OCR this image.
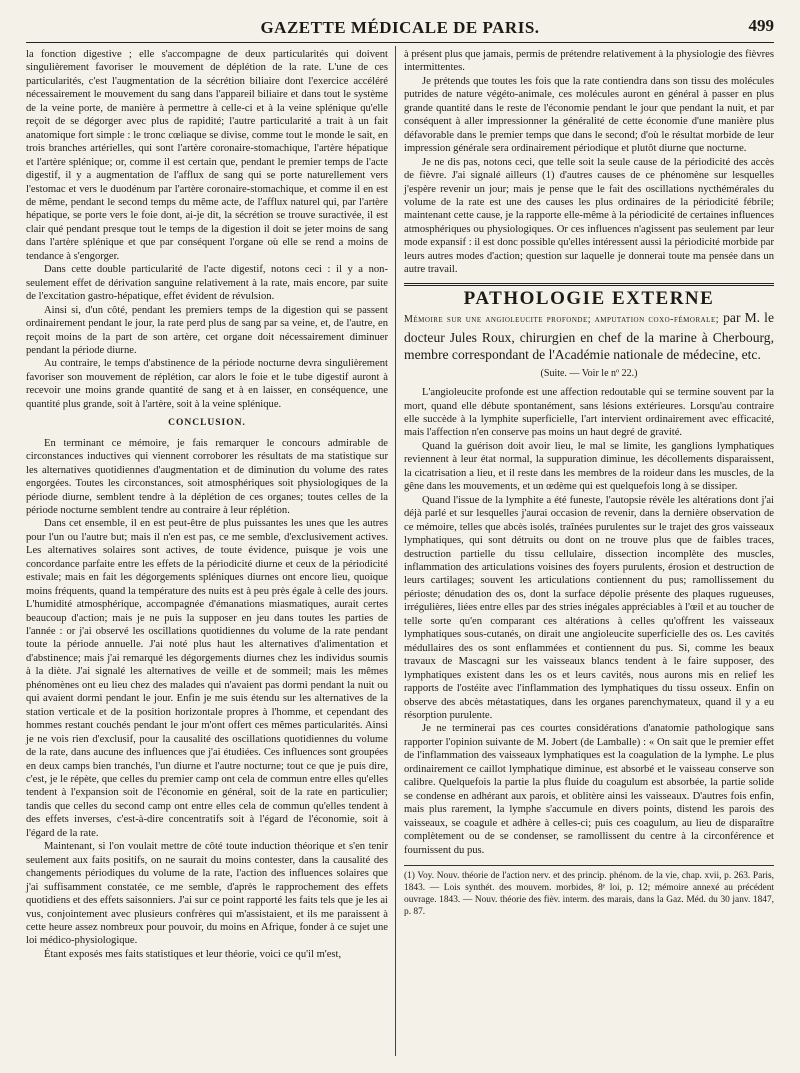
GAZETTE MÉDICALE DE PARIS.	499

la fonction digestive ; elle s'accompagne de deux particularités qui doivent singulièrement favoriser le mouvement de déplétion de la rate. L'une de ces particularités, c'est l'augmentation de la sécrétion biliaire dont l'exercice accéléré nécessairement le mouvement du sang dans l'appareil biliaire et dans tout le système de la veine porte, de manière à permettre à celle-ci et à la veine splénique qu'elle reçoit de se dégorger avec plus de rapidité; l'autre particularité a trait à un fait anatomique fort simple : le tronc cœliaque se divise, comme tout le monde le sait, en trois branches artérielles, qui sont l'artère coronaire-stomachique, l'artère hépatique et l'artère splénique; or, comme il est certain que, pendant le premier temps de l'acte digestif, il y a augmentation de l'afflux de sang qui se porte naturellement vers l'estomac et vers le duodénum par l'artère coronaire-stomachique, et comme il en est de même, pendant le second temps du même acte, de l'afflux naturel qui, par l'artère hépatique, se porte vers le foie dont, ai-je dit, la sécrétion se trouve suractivée, il est clair qué pendant presque tout le temps de la digestion il doit se jeter moins de sang dans l'artère splénique et que par conséquent l'organe où elle se rend a moins de tendance à s'engorger.

Dans cette double particularité de l'acte digestif, notons ceci : il y a non-seulement effet de dérivation sanguine relativement à la rate, mais encore, par suite de l'excitation gastro-hépatique, effet évident de révulsion.

Ainsi si, d'un côté, pendant les premiers temps de la digestion qui se passent ordinairement pendant le jour, la rate perd plus de sang par sa veine, et, de l'autre, en reçoit moins de la part de son artère, cet organe doit nécessairement diminuer pendant la période diurne.

Au contraire, le temps d'abstinence de la période nocturne devra singulièrement favoriser son mouvement de réplétion, car alors le foie et le tube digestif auront à recevoir une moins grande quantité de sang et à en laisser, en conséquence, une quantité plus grande, soit à l'artère, soit à la veine splénique.

CONCLUSION.

En terminant ce mémoire, je fais remarquer le concours admirable de circonstances inductives qui viennent corroborer les résultats de ma statistique sur les alternatives quotidiennes d'augmentation et de diminution du volume des rates engorgées. Toutes les circonstances, soit atmosphériques soit physiologiques de la période diurne, semblent tendre à la déplétion de ces organes; toutes celles de la période nocturne semblent tendre au contraire à leur réplétion.

Dans cet ensemble, il en est peut-être de plus puissantes les unes que les autres pour l'un ou l'autre but; mais il n'en est pas, ce me semble, d'exclusivement actives. Les alternatives solaires sont actives, de toute évidence, puisque je vois une concordance parfaite entre les effets de la périodicité diurne et ceux de la périodicité estivale; mais en fait les dégorgements spléniques diurnes ont encore lieu, quoique moins fréquents, quand la température des nuits est à peu près égale à celle des jours. L'humidité atmosphérique, accompagnée d'émanations miasmatiques, aurait certes beaucoup d'action; mais je ne puis la supposer en jeu dans toutes les parties de l'année : or j'ai observé les oscillations quotidiennes du volume de la rate pendant toute la période annuelle. J'ai noté plus haut les alternatives d'alimentation et d'abstinence; mais j'ai remarqué les dégorgements diurnes chez les individus soumis à la diète. J'ai signalé les alternatives de veille et de sommeil; mais les mêmes phénomènes ont eu lieu chez des malades qui n'avaient pas dormi pendant la nuit ou qui avaient dormi pendant le jour. Enfin je me suis étendu sur les alternatives de la station verticale et de la position horizontale propres à l'homme, et cependant des hommes restant couchés pendant le jour m'ont offert ces mêmes particularités. Ainsi je ne vois rien d'exclusif, pour la causalité des oscillations quotidiennes du volume de la rate, dans aucune des influences que j'ai étudiées. Ces influences sont groupées en deux camps bien tranchés, l'un diurne et l'autre nocturne; tout ce que je puis dire, c'est, je le répète, que celles du premier camp ont cela de commun entre elles qu'elles tendent à l'expansion soit de l'économie en général, soit de la rate en particulier; tandis que celles du second camp ont entre elles cela de commun qu'elles tendent à des effets inverses, c'est-à-dire concentratifs soit à l'égard de l'économie, soit à l'égard de la rate.

Maintenant, si l'on voulait mettre de côté toute induction théorique et s'en tenir seulement aux faits positifs, on ne saurait du moins contester, dans la causalité des changements périodiques du volume de la rate, l'action des influences solaires que j'ai suffisamment constatée, ce me semble, d'après le rapprochement des effets quotidiens et des effets saisonniers. J'ai sur ce point rapporté les faits tels que je les ai vus, conjointement avec plusieurs confrères qui m'assistaient, et ils me paraissent à cette heure assez nombreux pour pouvoir, du moins en Afrique, fonder à ce sujet une loi médico-physiologique.

Étant exposés mes faits statistiques et leur théorie, voici ce qu'il m'est,

à présent plus que jamais, permis de prétendre relativement à la physiologie des fièvres intermittentes.

Je prétends que toutes les fois que la rate contiendra dans son tissu des molécules putrides de nature végéto-animale, ces molécules auront en général à passer en plus grande quantité dans le reste de l'économie pendant le jour que pendant la nuit, et par conséquent à aller impressionner la généralité de cette économie d'une manière plus défavorable dans le premier temps que dans le second; d'où le résultat morbide de leur impression générale sera ordinairement périodique et plutôt diurne que nocturne.

Je ne dis pas, notons ceci, que telle soit la seule cause de la périodicité des accès de fièvre. J'ai signalé ailleurs (1) d'autres causes de ce phénomène sur lesquelles j'espère revenir un jour; mais je pense que le fait des oscillations nycthémérales du volume de la rate est une des causes les plus ordinaires de la périodicité fébrile; maintenant cette cause, je la rapporte elle-même à la périodicité de certaines influences atmosphériques ou physiologiques. Or ces influences n'agissent pas seulement par leur mode expansif : il est donc possible qu'elles intéressent aussi la périodicité morbide par leurs autres modes d'action; question sur laquelle je donnerai toute ma pensée dans un autre travail.

PATHOLOGIE EXTERNE
Mémoire sur une angioleucite profonde; amputation coxo-fémorale; par M. le docteur Jules Roux, chirurgien en chef de la marine à Cherbourg, membre correspondant de l'Académie nationale de médecine, etc.
(Suite. — Voir le nº 22.)

L'angioleucite profonde est une affection redoutable qui se termine souvent par la mort, quand elle débute spontanément, sans lésions extérieures. Lorsqu'au contraire elle succède à la lymphite superficielle, l'art intervient ordinairement avec efficacité, mais l'affection n'en conserve pas moins un haut degré de gravité.

Quand la guérison doit avoir lieu, le mal se limite, les ganglions lymphatiques reviennent à leur état normal, la suppuration diminue, les décollements disparaissent, la cicatrisation a lieu, et il reste dans les membres de la roideur dans les muscles, de la gêne dans les mouvements, et un œdème qui est quelquefois long à se dissiper.

Quand l'issue de la lymphite a été funeste, l'autopsie révèle les altérations dont j'ai déjà parlé et sur lesquelles j'aurai occasion de revenir, dans la dernière observation de ce mémoire, telles que abcès isolés, traînées purulentes sur le trajet des gros vaisseaux lymphatiques, qui sont détruits ou dont on ne trouve plus que de faibles traces, destruction partielle du tissu cellulaire, dissection incomplète des muscles, inflammation des articulations voisines des foyers purulents, érosion et destruction de leurs cartilages; souvent les articulations contiennent du pus; ramollissement du périoste; dénudation des os, dont la surface dépolie présente des plaques rugueuses, irrégulières, liées entre elles par des stries inégales appréciables à l'œil et au toucher de telle sorte qu'en comparant ces altérations à celles qu'offrent les vaisseaux lymphatiques sous-cutanés, on dirait une angioleucite superficielle des os. Les cavités médullaires des os sont enflammées et contiennent du pus. Si, comme les beaux travaux de Mascagni sur les vaisseaux blancs tendent à le faire supposer, des lymphatiques existent dans les os et leurs cavités, nous aurons mis en relief les rapports de l'ostéite avec l'inflammation des lymphatiques du tissu osseux. Enfin on observe des abcès métastatiques, dans les organes parenchymateux, quand il y a eu résorption purulente.

Je ne terminerai pas ces courtes considérations d'anatomie pathologique sans rapporter l'opinion suivante de M. Jobert (de Lamballe) : « On sait que le premier effet de l'inflammation des vaisseaux lymphatiques est la coagulation de la lymphe. Le plus ordinairement ce caillot lymphatique diminue, est absorbé et le vaisseau conserve son calibre. Quelquefois la partie la plus fluide du coagulum est absorbée, la partie solide se condense en adhérant aux parois, et oblitère ainsi les vaisseaux. D'autres fois enfin, mais plus rarement, la lymphe s'accumule en divers points, distend les parois des vaisseaux, se coagule et adhère à celles-ci; puis ces coagulum, au lieu de disparaître complètement ou de se condenser, se ramollissent du centre à la circonférence et fournissent du pus.

(1) Voy. Nouv. théorie de l'action nerv. et des princip. phénom. de la vie, chap. xvii, p. 263. Paris, 1843. — Lois synthét. des mouvem. morbides, 8ᵉ loi, p. 12; mémoire annexé au précédent ouvrage. 1843. — Nouv. théorie des fièv. interm. des marais, dans la Gaz. Méd. du 30 janv. 1847, p. 87.
